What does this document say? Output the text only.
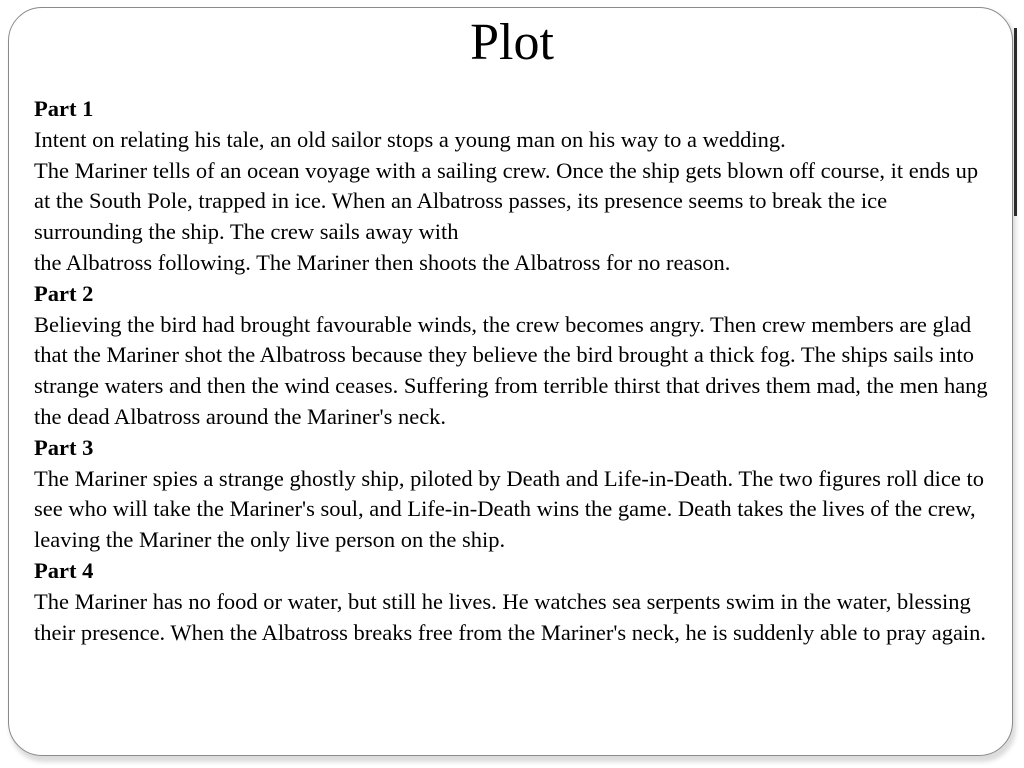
Plot

Part 1

Intent on relating his tale, an old sailor stops a young man on his way to a wedding.

The Mariner tells of an ocean voyage with a sailing crew. Once the ship gets blown off course, it ends up at the South Pole, trapped in ice. When an Albatross passes, its presence seems to break the ice surrounding the ship. The crew sails away with

the Albatross following. The Mariner then shoots the Albatross for no reason.

Part 2

Believing the bird had brought favourable winds, the crew becomes angry. Then crew members are glad that the Mariner shot the Albatross because they believe the bird brought a thick fog. The ships sails into strange waters and then the wind ceases. Suffering from terrible thirst that drives them mad, the men hang the dead Albatross around the Mariner's neck.

Part 3

The Mariner spies a strange ghostly ship, piloted by Death and Life-in-Death. The two figures roll dice to see who will take the Mariner's soul, and Life-in-Death wins the game. Death takes the lives of the crew, leaving the Mariner the only live person on the ship.

Part 4

The Mariner has no food or water, but still he lives. He watches sea serpents swim in the water, blessing their presence. When the Albatross breaks free from the Mariner's neck, he is suddenly able to pray again.
